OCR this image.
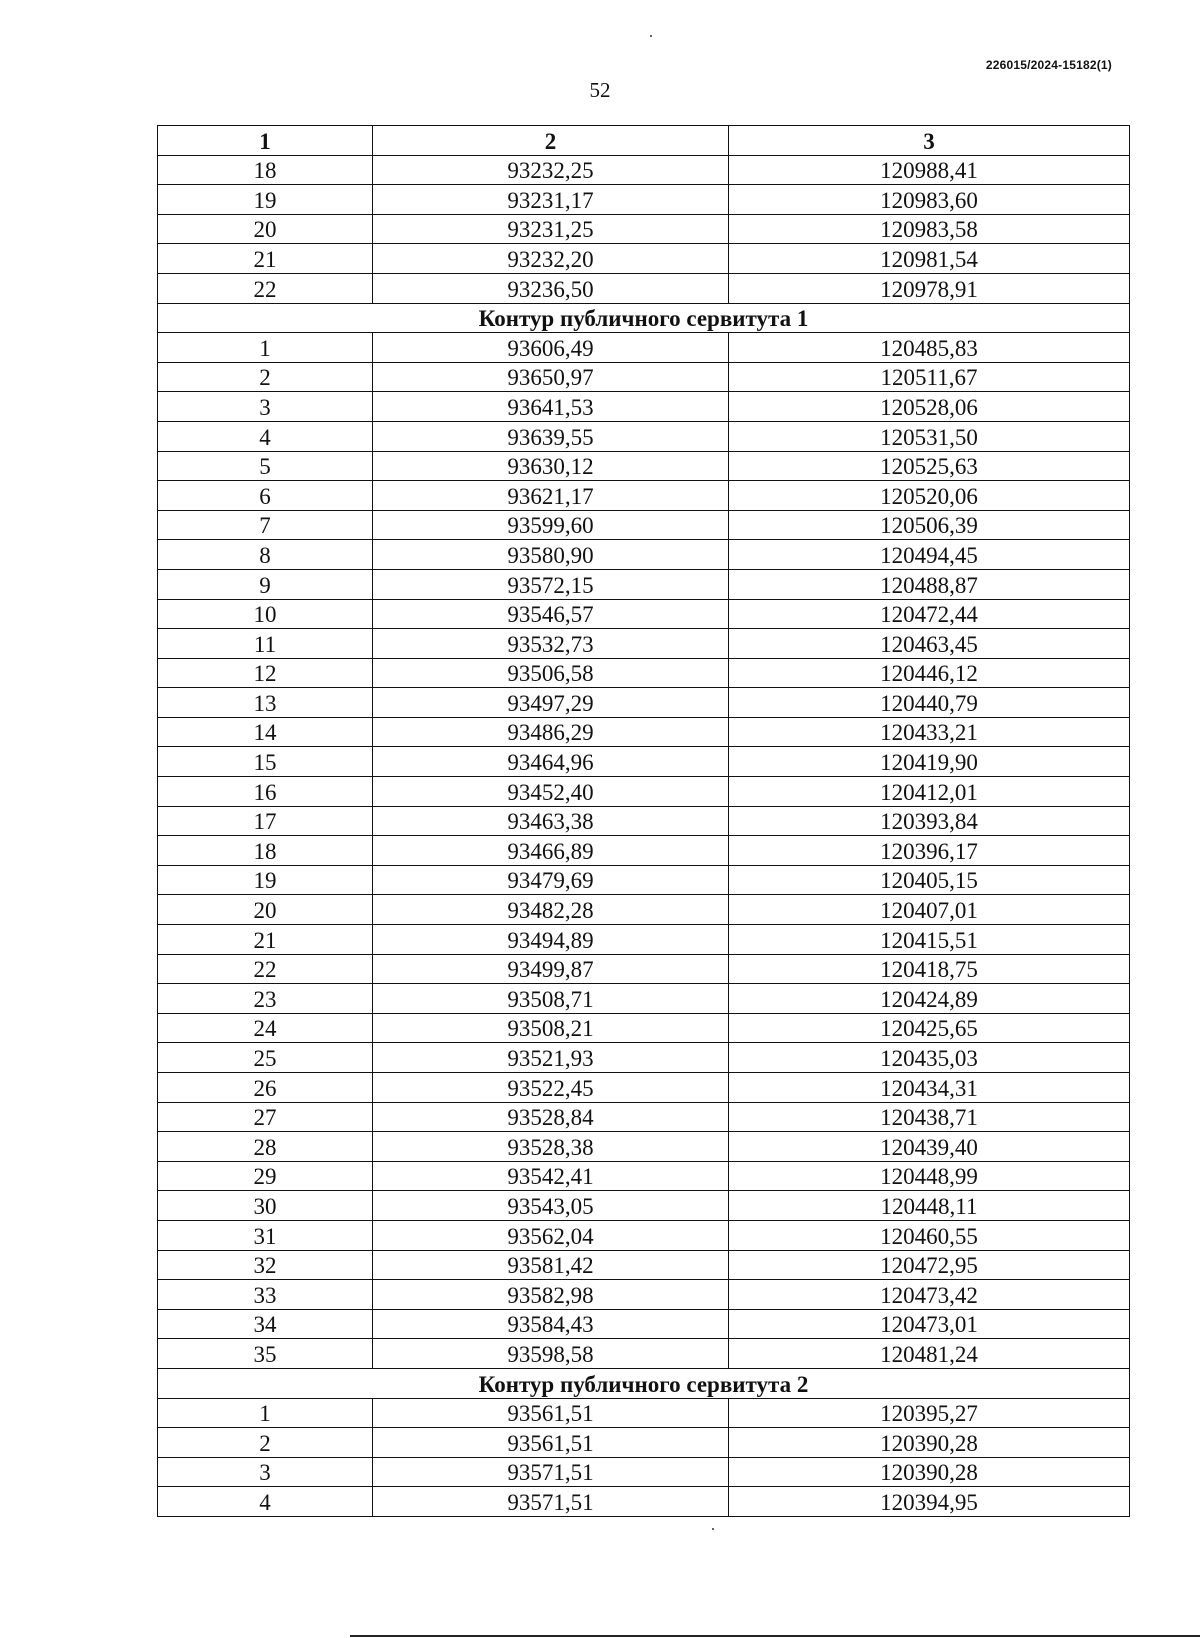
226015/2024-15182(1)
52
1	2	3
18	93232,25	120988,41
19	93231,17	120983,60
20	93231,25	120983,58
21	93232,20	120981,54
22	93236,50	120978,91
Контур публичного сервитута 1		
1	93606,49	120485,83
2	93650,97	120511,67
3	93641,53	120528,06
4	93639,55	120531,50
5	93630,12	120525,63
6	93621,17	120520,06
7	93599,60	120506,39
8	93580,90	120494,45
9	93572,15	120488,87
10	93546,57	120472,44
11	93532,73	120463,45
12	93506,58	120446,12
13	93497,29	120440,79
14	93486,29	120433,21
15	93464,96	120419,90
16	93452,40	120412,01
17	93463,38	120393,84
18	93466,89	120396,17
19	93479,69	120405,15
20	93482,28	120407,01
21	93494,89	120415,51
22	93499,87	120418,75
23	93508,71	120424,89
24	93508,21	120425,65
25	93521,93	120435,03
26	93522,45	120434,31
27	93528,84	120438,71
28	93528,38	120439,40
29	93542,41	120448,99
30	93543,05	120448,11
31	93562,04	120460,55
32	93581,42	120472,95
33	93582,98	120473,42
34	93584,43	120473,01
35	93598,58	120481,24
Контур публичного сервитута 2		
1	93561,51	120395,27
2	93561,51	120390,28
3	93571,51	120390,28
4	93571,51	120394,95
